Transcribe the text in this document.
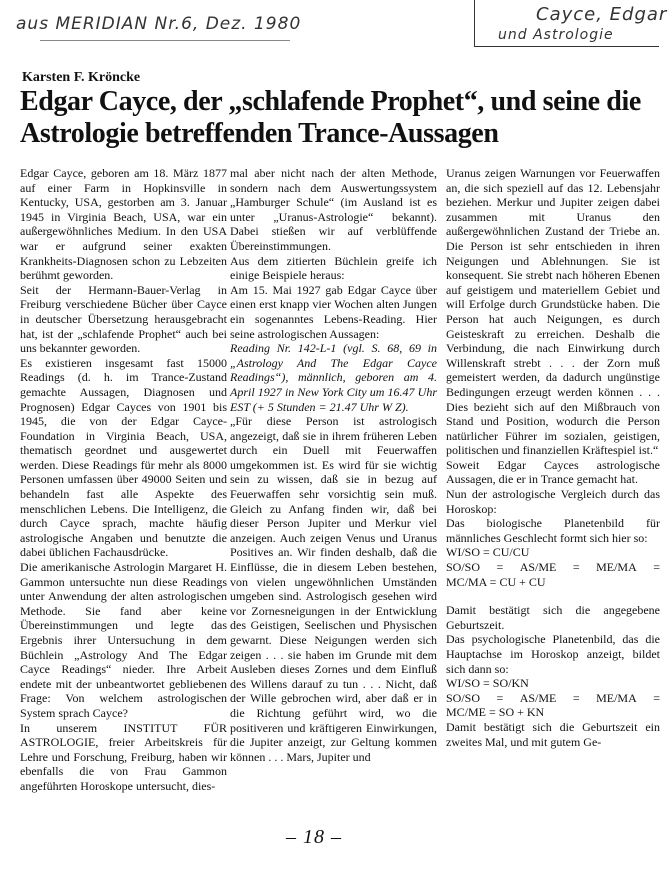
aus MERIDIAN Nr.6, Dez. 1980	Cayce, Edgar
und Astrologie
Karsten F. Kröncke
Edgar Cayce, der „schlafende Prophet“, und seine die Astrologie betreffenden Trance-Aussagen

Edgar Cayce, geboren am 18. März 1877 auf einer Farm in Hopkinsville in Kentucky, USA, gestorben am 3. Januar 1945 in Virginia Beach, USA, war ein außergewöhnliches Medium. In den USA war er aufgrund seiner exakten Krankheits-Diagnosen schon zu Lebzeiten berühmt geworden.

Seit der Hermann-Bauer-Verlag in Freiburg verschiedene Bücher über Cayce in deutscher Übersetzung herausgebracht hat, ist der „schlafende Prophet“ auch bei uns bekannter geworden.

Es existieren insgesamt fast 15000 Readings (d. h. im Trance-Zustand gemachte Aussagen, Diagnosen und Prognosen) Edgar Cayces von 1901 bis 1945, die von der Edgar Cayce-Foundation in Virginia Beach, USA, thematisch geordnet und ausgewertet werden. Diese Readings für mehr als 8000 Personen umfassen über 49000 Seiten und behandeln fast alle Aspekte des menschlichen Lebens. Die Intelligenz, die durch Cayce sprach, machte häufig astrologische Angaben und benutzte die dabei üblichen Fachausdrücke.

Die amerikanische Astrologin Margaret H. Gammon untersuchte nun diese Readings unter Anwendung der alten astrologischen Methode. Sie fand aber keine Übereinstimmungen und legte das Ergebnis ihrer Untersuchung in dem Büchlein „Astrology And The Edgar Cayce Readings“ nieder. Ihre Arbeit endete mit der unbeantwortet gebliebenen Frage: Von welchem astrologischen System sprach Cayce?

In unserem INSTITUT FÜR ASTROLOGIE, freier Arbeitskreis für Lehre und Forschung, Freiburg, haben wir ebenfalls die von Frau Gammon angeführten Horoskope untersucht, dies-

mal aber nicht nach der alten Methode, sondern nach dem Auswertungssystem „Hamburger Schule“ (im Ausland ist es unter „Uranus-Astrologie“ bekannt). Dabei stießen wir auf verblüffende Übereinstimmungen.

Aus dem zitierten Büchlein greife ich einige Beispiele heraus:

Am 15. Mai 1927 gab Edgar Cayce über einen erst knapp vier Wochen alten Jungen ein sogenanntes Lebens-Reading. Hier seine astrologischen Aussagen:

Reading Nr. 142-L-1 (vgl. S. 68, 69 in „Astrology And The Edgar Cayce Readings“), männlich, geboren am 4. April 1927 in New York City um 16.47 Uhr EST (+ 5 Stunden = 21.47 Uhr W Z).

„Für diese Person ist astrologisch angezeigt, daß sie in ihrem früheren Leben durch ein Duell mit Feuerwaffen umgekommen ist. Es wird für sie wichtig sein zu wissen, daß sie in bezug auf Feuerwaffen sehr vorsichtig sein muß. Gleich zu Anfang finden wir, daß bei dieser Person Jupiter und Merkur viel anzeigen. Auch zeigen Venus und Uranus Positives an. Wir finden deshalb, daß die Einflüsse, die in diesem Leben bestehen, von vielen ungewöhnlichen Umständen umgeben sind. Astrologisch gesehen wird vor Zornesneigungen in der Entwicklung des Geistigen, Seelischen und Physischen gewarnt. Diese Neigungen werden sich zeigen . . . sie haben im Grunde mit dem Ausleben dieses Zornes und dem Einfluß des Willens darauf zu tun . . . Nicht, daß der Wille gebrochen wird, aber daß er in die Richtung geführt wird, wo die positiveren und kräftigeren Einwirkungen, die Jupiter anzeigt, zur Geltung kommen können . . . Mars, Jupiter und

Uranus zeigen Warnungen vor Feuerwaffen an, die sich speziell auf das 12. Lebensjahr beziehen. Merkur und Jupiter zeigen dabei zusammen mit Uranus den außergewöhnlichen Zustand der Triebe an. Die Person ist sehr entschieden in ihren Neigungen und Ablehnungen. Sie ist konsequent. Sie strebt nach höheren Ebenen auf geistigem und materiellem Gebiet und will Erfolge durch Grundstücke haben. Die Person hat auch Neigungen, es durch Geisteskraft zu erreichen. Deshalb die Verbindung, die nach Einwirkung durch Willenskraft strebt . . . der Zorn muß gemeistert werden, da dadurch ungünstige Bedingungen erzeugt werden können . . . Dies bezieht sich auf den Mißbrauch von Stand und Position, wodurch die Person natürlicher Führer im sozialen, geistigen, politischen und finanziellen Kräftespiel ist.“

Soweit Edgar Cayces astrologische Aussagen, die er in Trance gemacht hat.

Nun der astrologische Vergleich durch das Horoskop:

Das biologische Planetenbild für männliches Geschlecht formt sich hier so:

WI/SO = CU/CU
SO/SO = AS/ME = ME/MA =
MC/MA = CU + CU

Damit bestätigt sich die angegebene Geburtszeit.

Das psychologische Planetenbild, das die Hauptachse im Horoskop anzeigt, bildet sich dann so:

WI/SO = SO/KN
SO/SO = AS/ME = ME/MA =
MC/ME = SO + KN

Damit bestätigt sich die Geburtszeit ein zweites Mal, und mit gutem Ge-

– 18 –
